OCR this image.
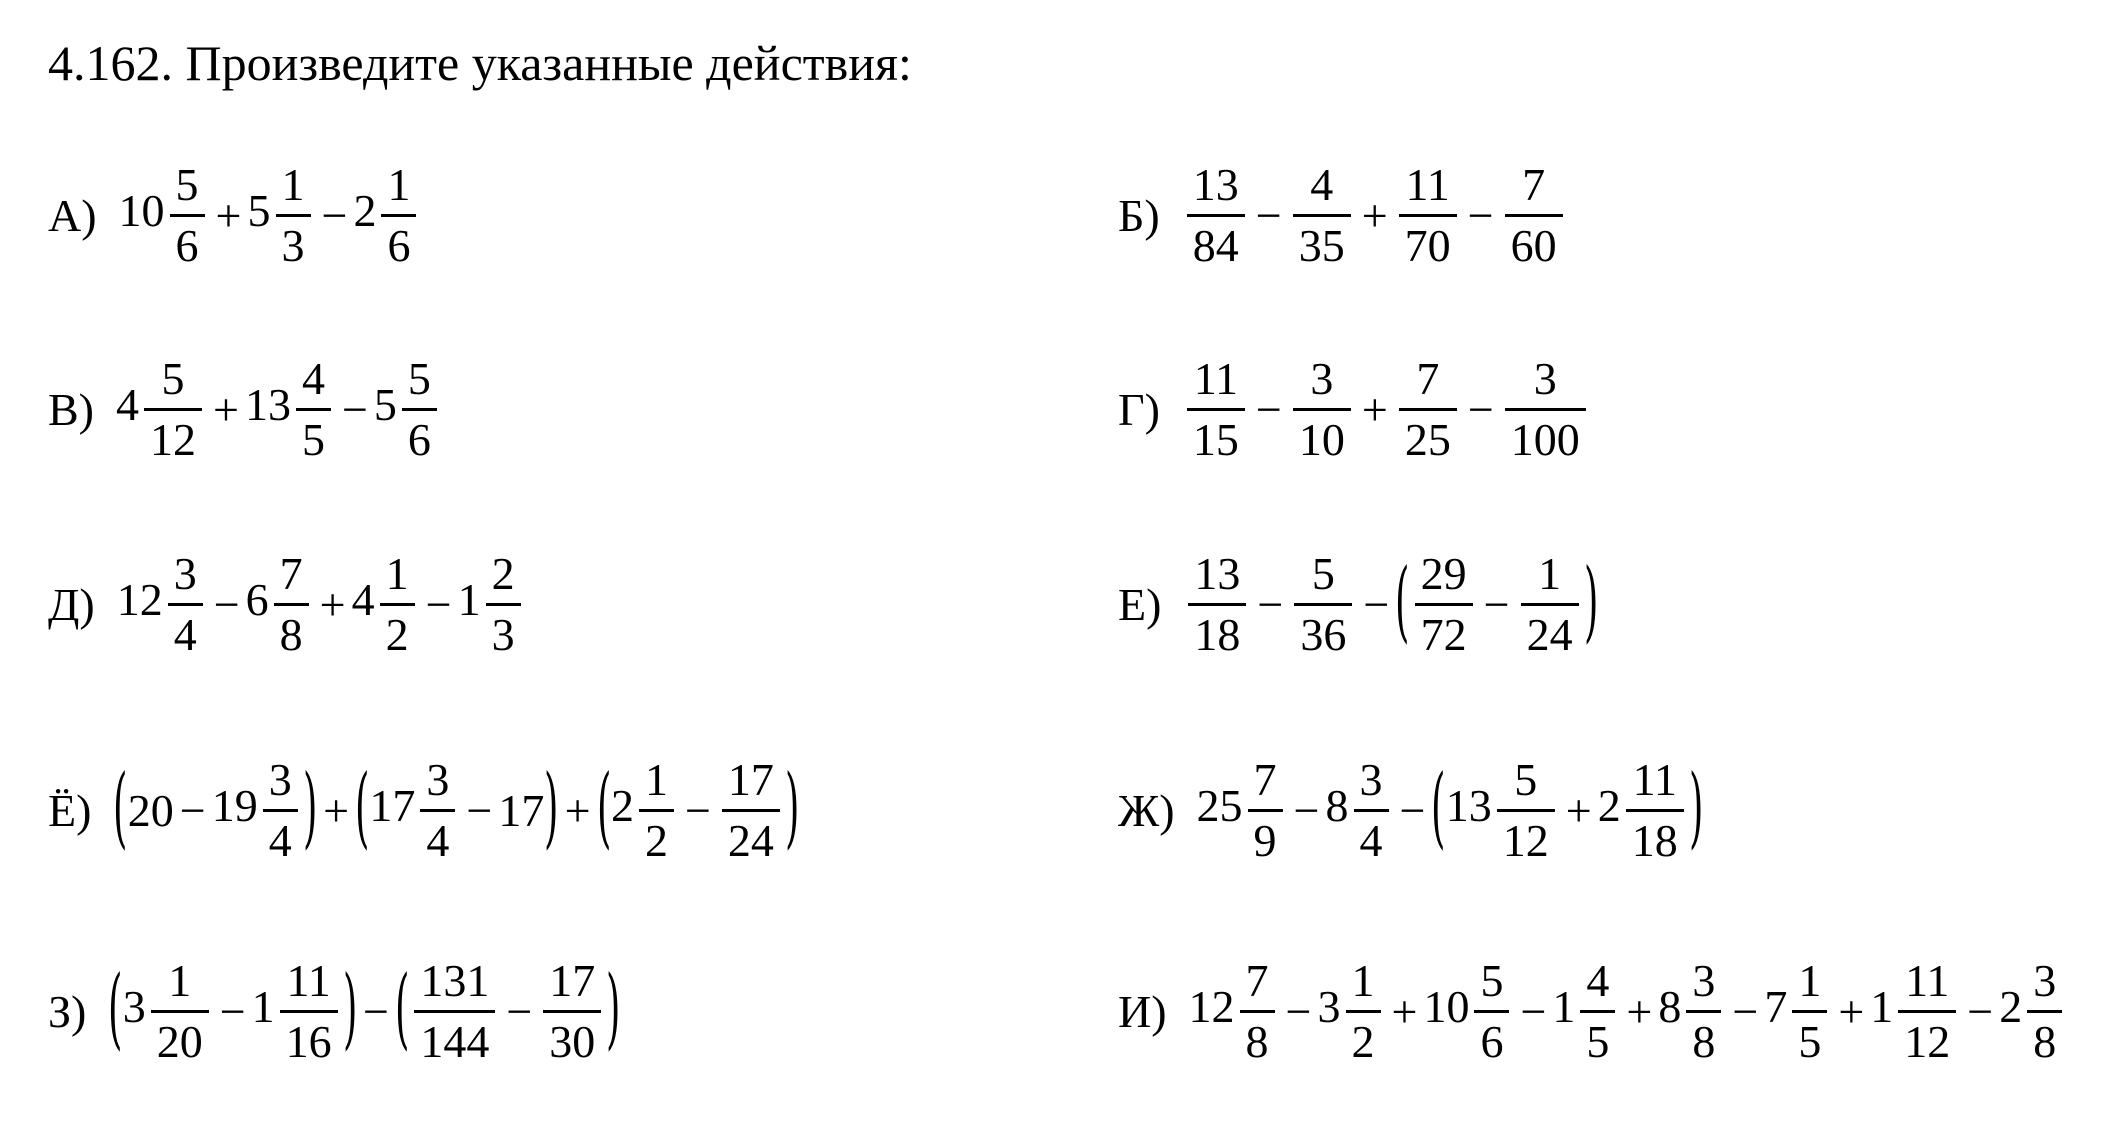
4.162. Произведите указанные действия:
А) $10 \frac{5}{6} + 5 \frac{1}{3} - 2 \frac{1}{6}$	$Б) \frac{13}{84} - \frac{4}{35} + \frac{11}{70} - \frac{7}{60}$
В) $4 \frac{5}{12} + 13 \frac{4}{5} - 5 \frac{5}{6}$	$Г) \frac{11}{15} - \frac{3}{10} + \frac{7}{25} - \frac{3}{100}$
Д) $12 \frac{3}{4} - 6 \frac{7}{8} + 4 \frac{1}{2} - 1 \frac{2}{3}$	$Е) \frac{13}{18} - \frac{5}{36}$ − ( $\frac{29}{72} - \frac{1}{24}$ )
Ё) ( $20 - 19 \frac{3}{4}$ ) + ( $17 \frac{3}{4} - 17$ ) + ( $2 \frac{1}{2} - \frac{17}{24}$ )	Ж) $25 \frac{7}{9} - 8 \frac{3}{4}$ − ( $13 \frac{5}{12} + 2 \frac{11}{18}$ )
З) ( $3 \frac{1}{20} - 1 \frac{11}{16}$ ) − ( $\frac{131}{144} - \frac{17}{30}$ )	И) $12 \frac{7}{8} - 3 \frac{1}{2} + 10 \frac{5}{6} - 1 \frac{4}{5} + 8 \frac{3}{8} - 7 \frac{1}{5} + 1 \frac{11}{12} - 2 \frac{3}{8}$
